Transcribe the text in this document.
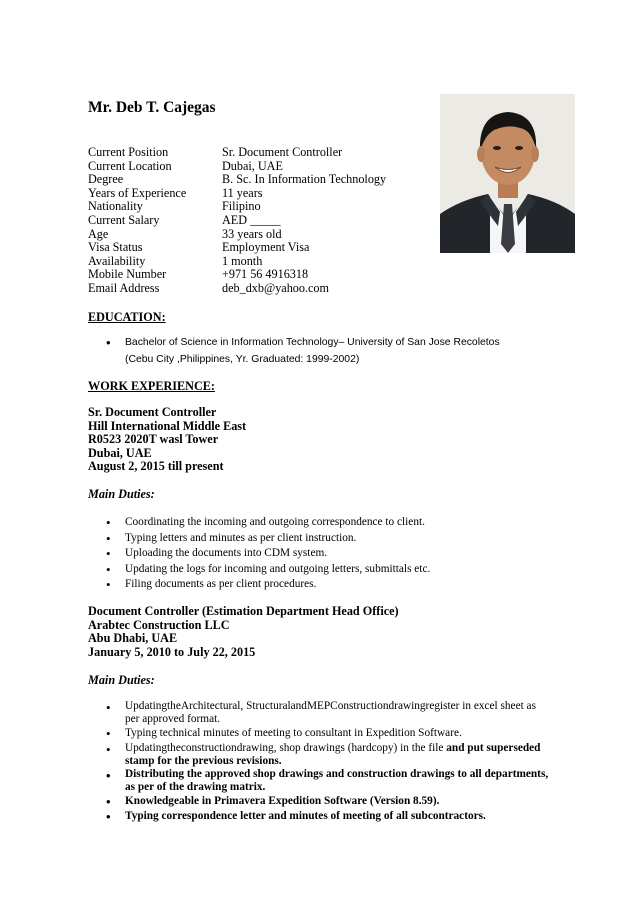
Mr. Deb T. Cajegas
Current Position	Sr. Document Controller
Current Location	Dubai, UAE
Degree	B. Sc. In Information Technology
Years of Experience	11 years
Nationality	Filipino
Current Salary	AED _____
Age	33 years old
Visa Status	Employment Visa
Availability	1 month
Mobile Number	+971 56 4916318
Email Address	deb_dxb@yahoo.com
EDUCATION:
• Bachelor of Science in Information Technology– University of San Jose Recoletos
(Cebu City ,Philippines, Yr. Graduated: 1999-2002)
WORK EXPERIENCE:
Sr. Document Controller
Hill International Middle East
R0523 2020T wasl Tower
Dubai, UAE
August 2, 2015 till present
Main Duties:
• Coordinating the incoming and outgoing correspondence to client.
• Typing letters and minutes as per client instruction.
• Uploading the documents into CDM system.
• Updating the logs for incoming and outgoing letters, submittals etc.
• Filing documents as per client procedures.
Document Controller (Estimation Department Head Office)
Arabtec Construction LLC
Abu Dhabi, UAE
January 5, 2010 to July 22, 2015
Main Duties:
• UpdatingtheArchitectural, StructuralandMEPConstructiondrawingregister in excel sheet as
per approved format.
• Typing technical minutes of meeting to consultant in Expedition Software.
• Updatingtheconstructiondrawing, shop drawings (hardcopy) in the file and put superseded
stamp for the previous revisions.
• Distributing the approved shop drawings and construction drawings to all departments,
as per of the drawing matrix.
• Knowledgeable in Primavera Expedition Software (Version 8.59).
• Typing correspondence letter and minutes of meeting of all subcontractors.
